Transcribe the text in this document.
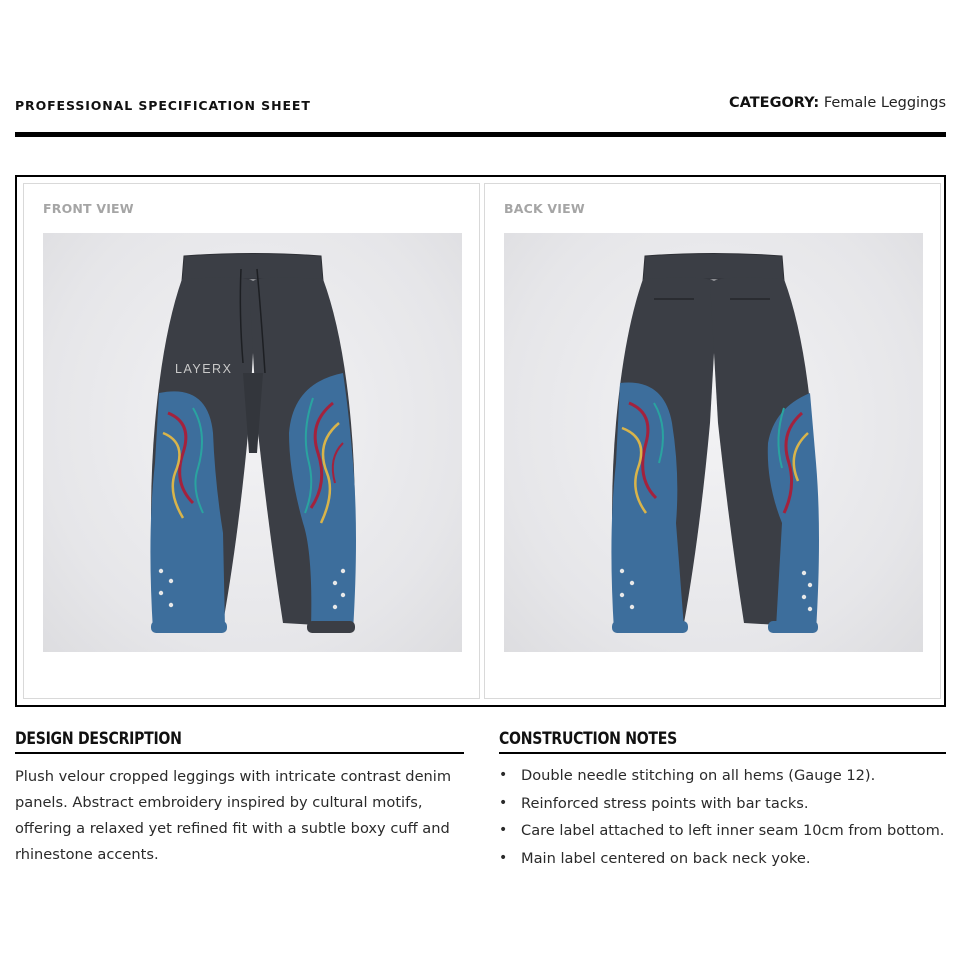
PROFESSIONAL SPECIFICATION SHEET	CATEGORY: Female Leggings
FRONT VIEW
LAYERX
BACK VIEW
DESIGN DESCRIPTION
Plush velour cropped leggings with intricate contrast denim panels. Abstract embroidery inspired by cultural motifs, offering a relaxed yet refined fit with a subtle boxy cuff and rhinestone accents.
CONSTRUCTION NOTES
• Double needle stitching on all hems (Gauge 12).
• Reinforced stress points with bar tacks.
• Care label attached to left inner seam 10cm from bottom.
• Main label centered on back neck yoke.
